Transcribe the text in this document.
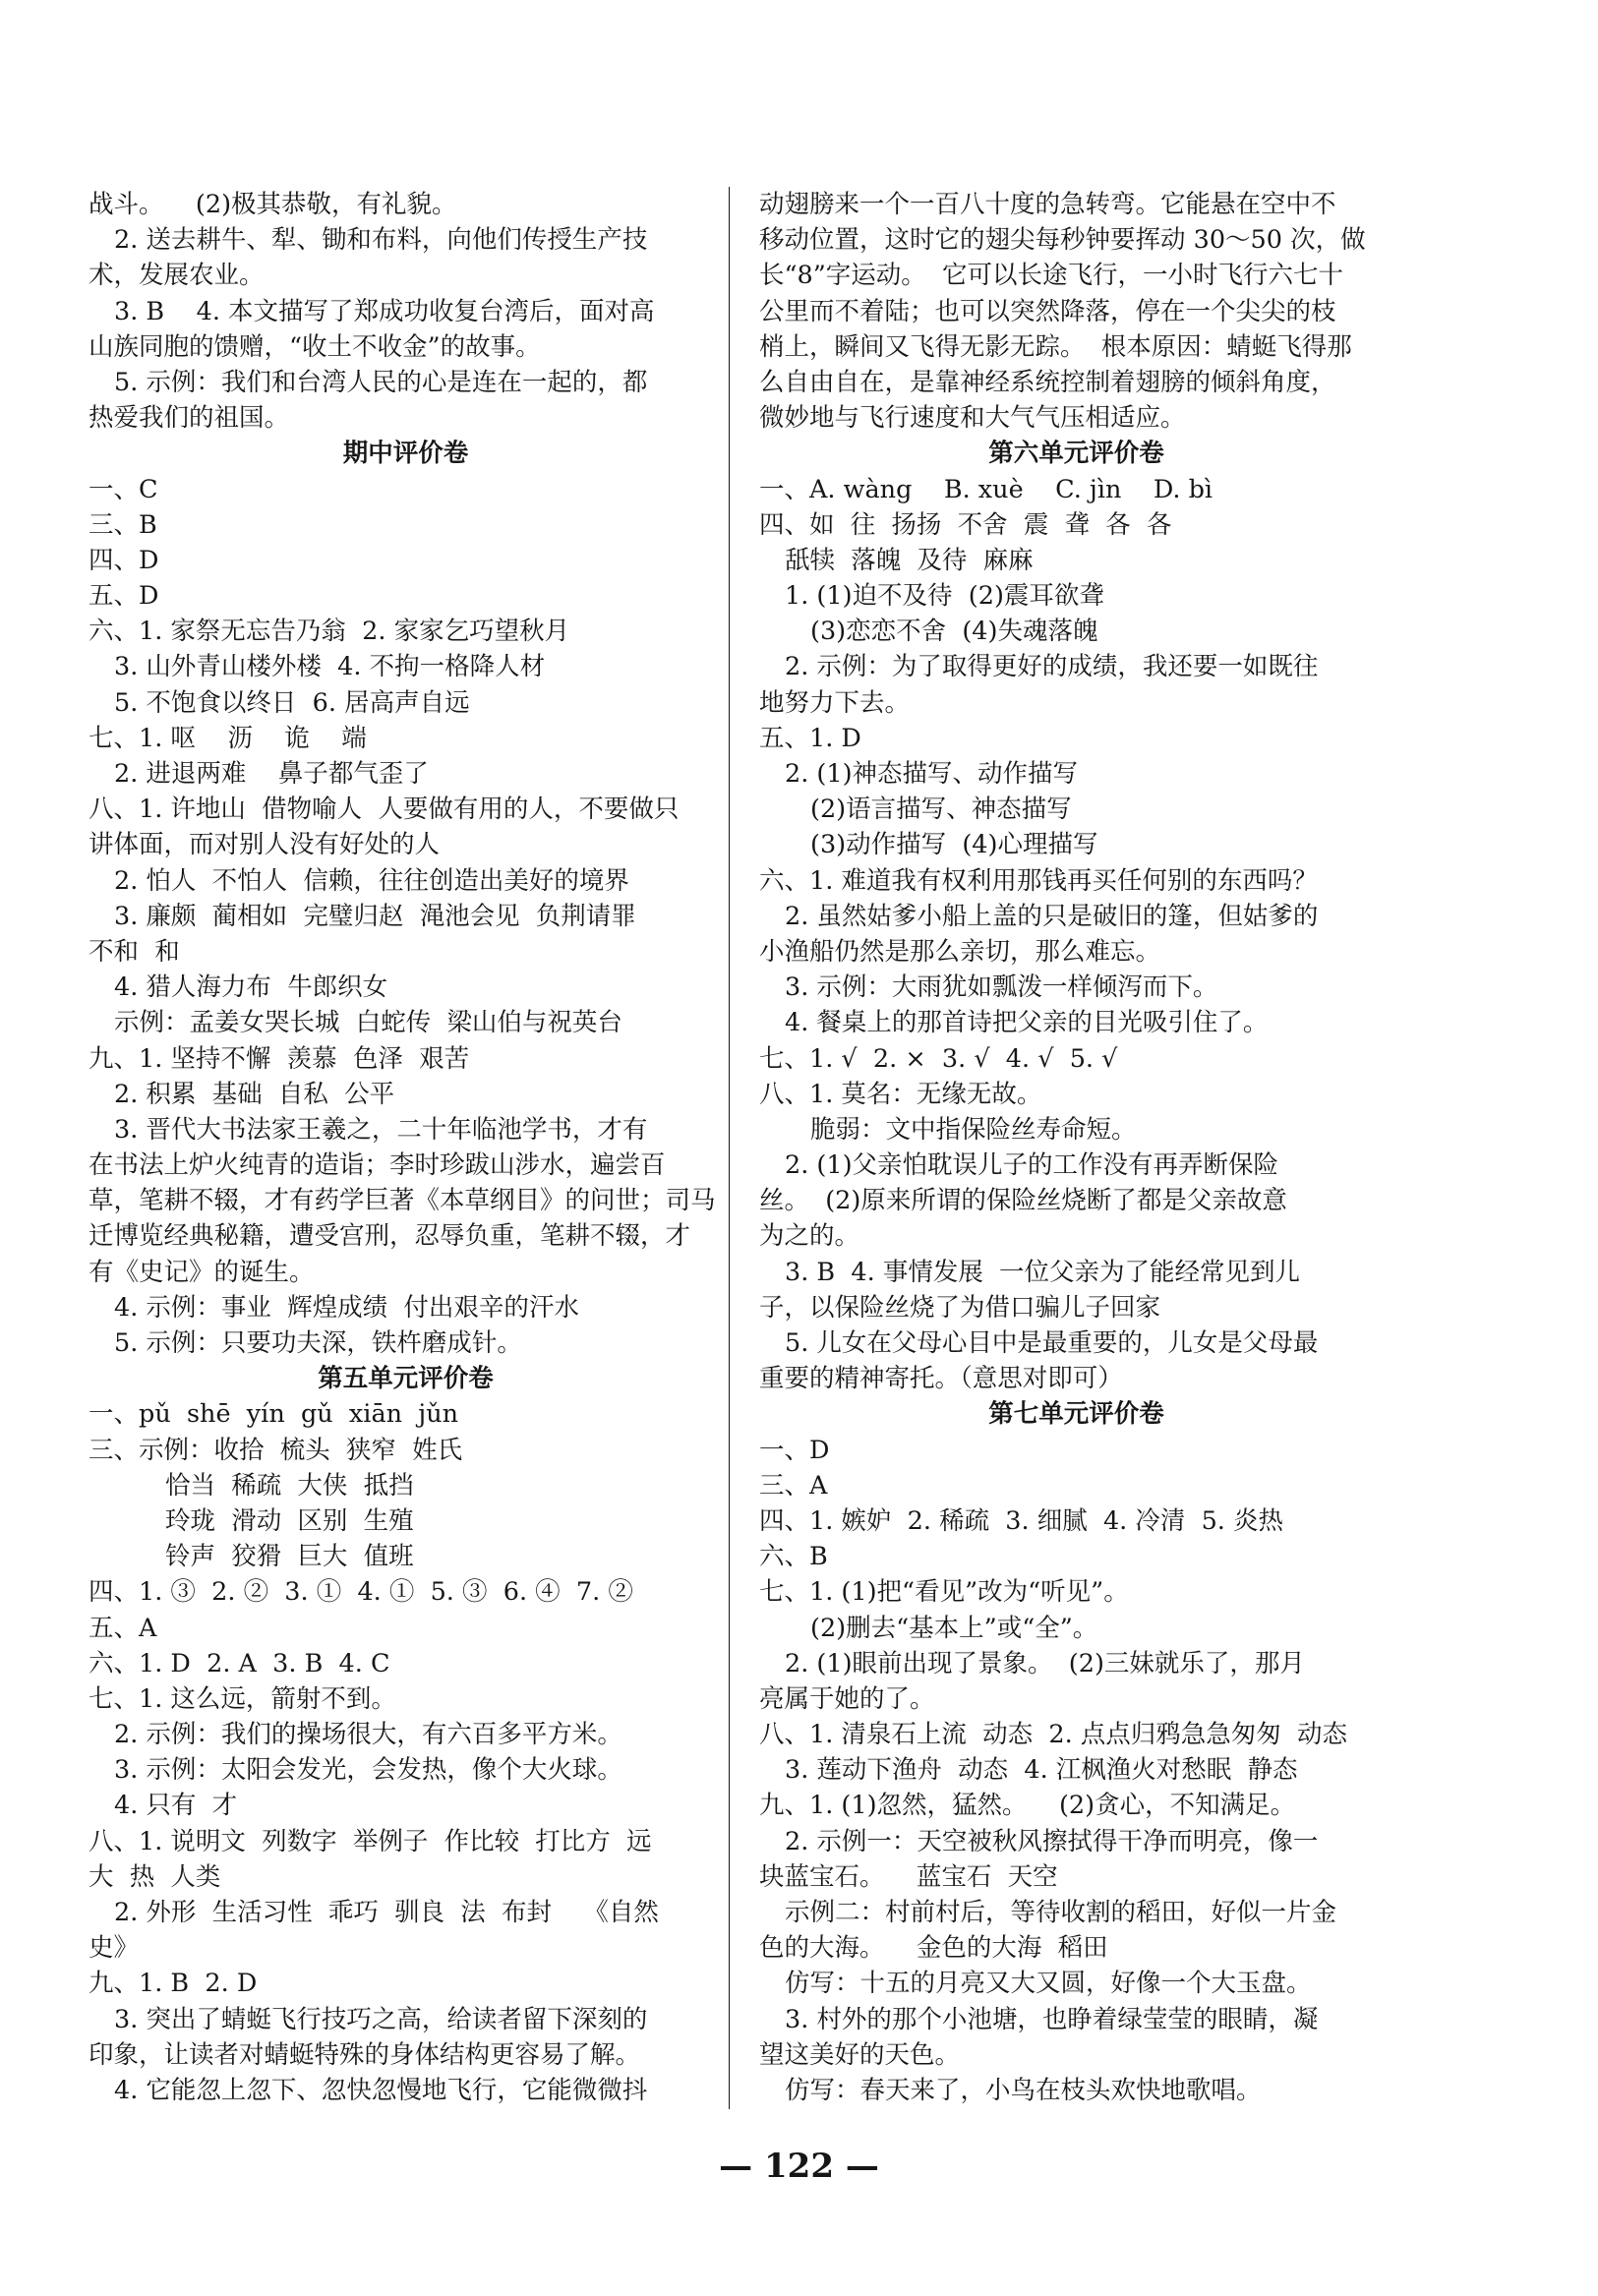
战斗。    (2)极其恭敬，有礼貌。
2. 送去耕牛、犁、锄和布料，向他们传授生产技
术，发展农业。
3. B    4. 本文描写了郑成功收复台湾后，面对高
山族同胞的馈赠，“收土不收金”的故事。
5. 示例：我们和台湾人民的心是连在一起的，都
热爱我们的祖国。
期中评价卷
一、C
三、B
四、D
五、D
六、1. 家祭无忘告乃翁  2. 家家乞巧望秋月
3. 山外青山楼外楼  4. 不拘一格降人材
5. 不饱食以终日  6. 居高声自远
七、1. 呕    沥    诡    端
2. 进退两难    鼻子都气歪了
八、1. 许地山  借物喻人  人要做有用的人，不要做只
讲体面，而对别人没有好处的人
2. 怕人  不怕人  信赖，往往创造出美好的境界
3. 廉颇  蔺相如  完璧归赵  渑池会见  负荆请罪
不和  和
4. 猎人海力布  牛郎织女
示例：孟姜女哭长城  白蛇传  梁山伯与祝英台
九、1. 坚持不懈  羡慕  色泽  艰苦
2. 积累  基础  自私  公平
3. 晋代大书法家王羲之，二十年临池学书，才有
在书法上炉火纯青的造诣；李时珍跋山涉水，遍尝百
草，笔耕不辍，才有药学巨著《本草纲目》的问世；司马
迁博览经典秘籍，遭受宫刑，忍辱负重，笔耕不辍，才
有《史记》的诞生。
4. 示例：事业  辉煌成绩  付出艰辛的汗水
5. 示例：只要功夫深，铁杵磨成针。
第五单元评价卷
一、pǔ  shē  yín  gǔ  xiān  jǔn
三、示例：收拾  梳头  狭窄  姓氏
恰当  稀疏  大侠  抵挡
玲珑  滑动  区别  生殖
铃声  狡猾  巨大  值班
四、1. ③  2. ②  3. ①  4. ①  5. ③  6. ④  7. ②
五、A
六、1. D  2. A  3. B  4. C
七、1. 这么远，箭射不到。
2. 示例：我们的操场很大，有六百多平方米。
3. 示例：太阳会发光，会发热，像个大火球。
4. 只有  才
八、1. 说明文  列数字  举例子  作比较  打比方  远
大  热  人类
2. 外形  生活习性  乖巧  驯良  法  布封    《自然
史》
九、1. B  2. D
3. 突出了蜻蜓飞行技巧之高，给读者留下深刻的
印象，让读者对蜻蜓特殊的身体结构更容易了解。
4. 它能忽上忽下、忽快忽慢地飞行，它能微微抖
动翅膀来一个一百八十度的急转弯。它能悬在空中不
移动位置，这时它的翅尖每秒钟要挥动 30～50 次，做
长“8”字运动。  它可以长途飞行，一小时飞行六七十
公里而不着陆；也可以突然降落，停在一个尖尖的枝
梢上，瞬间又飞得无影无踪。  根本原因：蜻蜓飞得那
么自由自在，是靠神经系统控制着翅膀的倾斜角度，
微妙地与飞行速度和大气气压相适应。
第六单元评价卷
一、A. wàng    B. xuè    C. jìn    D. bì
四、如  往  扬扬  不舍  震  聋  各  各
舐犊  落魄  及待  麻麻
1. (1)迫不及待  (2)震耳欲聋
(3)恋恋不舍  (4)失魂落魄
2. 示例：为了取得更好的成绩，我还要一如既往
地努力下去。
五、1. D
2. (1)神态描写、动作描写
(2)语言描写、神态描写
(3)动作描写  (4)心理描写
六、1. 难道我有权利用那钱再买任何别的东西吗？
2. 虽然姑爹小船上盖的只是破旧的篷，但姑爹的
小渔船仍然是那么亲切，那么难忘。
3. 示例：大雨犹如瓢泼一样倾泻而下。
4. 餐桌上的那首诗把父亲的目光吸引住了。
七、1. √  2. ×  3. √  4. √  5. √
八、1. 莫名：无缘无故。
脆弱：文中指保险丝寿命短。
2. (1)父亲怕耽误儿子的工作没有再弄断保险
丝。  (2)原来所谓的保险丝烧断了都是父亲故意
为之的。
3. B  4. 事情发展  一位父亲为了能经常见到儿
子，以保险丝烧了为借口骗儿子回家
5. 儿女在父母心目中是最重要的，儿女是父母最
重要的精神寄托。（意思对即可）
第七单元评价卷
一、D
三、A
四、1. 嫉妒  2. 稀疏  3. 细腻  4. 冷清  5. 炎热
六、B
七、1. (1)把“看见”改为“听见”。
(2)删去“基本上”或“全”。
2. (1)眼前出现了景象。  (2)三妹就乐了，那月
亮属于她的了。
八、1. 清泉石上流  动态  2. 点点归鸦急急匆匆  动态
3. 莲动下渔舟  动态  4. 江枫渔火对愁眠  静态
九、1. (1)忽然，猛然。    (2)贪心，不知满足。
2. 示例一：天空被秋风擦拭得干净而明亮，像一
块蓝宝石。    蓝宝石  天空
示例二：村前村后，等待收割的稻田，好似一片金
色的大海。    金色的大海  稻田
仿写：十五的月亮又大又圆，好像一个大玉盘。
3. 村外的那个小池塘，也睁着绿莹莹的眼睛，凝
望这美好的天色。
仿写：春天来了，小鸟在枝头欢快地歌唱。
— 122 —
